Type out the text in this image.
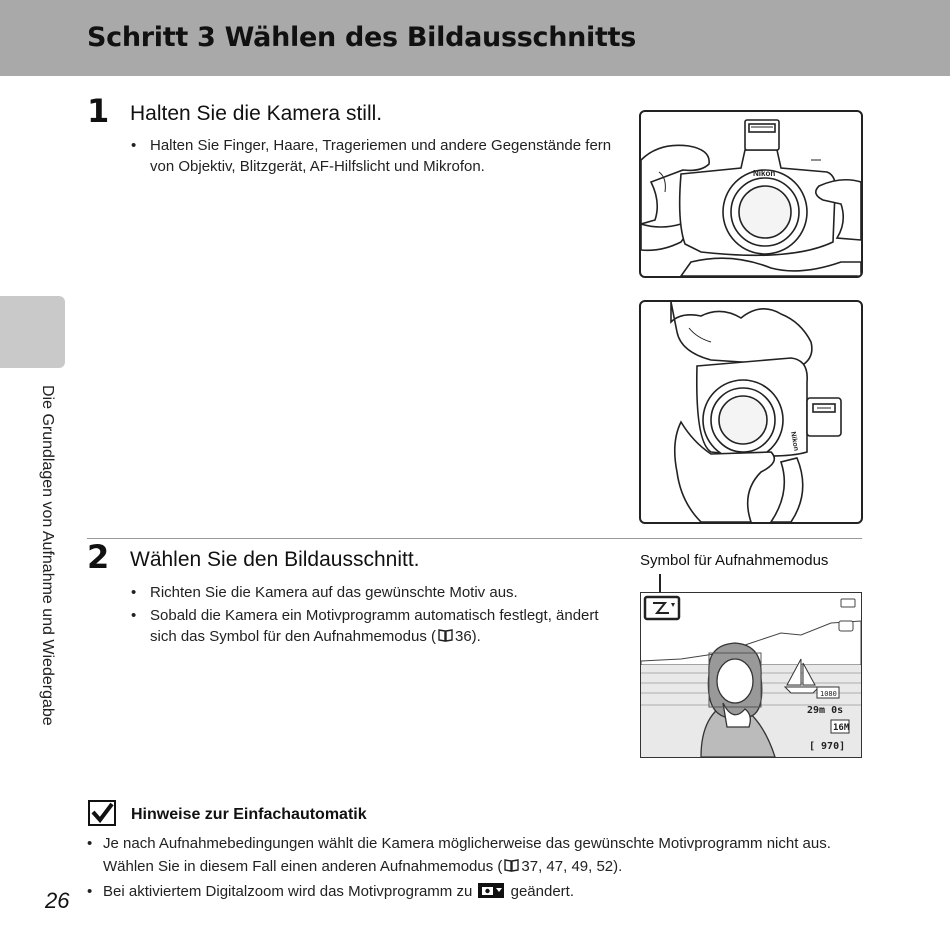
Schritt 3 Wählen des Bildausschnitts
Die Grundlagen von Aufnahme und Wiedergabe
1 Halten Sie die Kamera still.
• Halten Sie Finger, Haare, Trageriemen und andere Gegenstände fern von Objektiv, Blitzgerät, AF-Hilfslicht und Mikrofon.	Nikon
Nikon
2 Wählen Sie den Bildausschnitt.
• Richten Sie die Kamera auf das gewünschte Motiv aus.
• Sobald die Kamera ein Motivprogramm automatisch festlegt, ändert sich das Symbol für den Aufnahmemodus ( 36).
Symbol für Aufnahmemodus
1080
29m 0s
16M
[ 970]
Hinweise zur Einfachautomatik
• Je nach Aufnahmebedingungen wählt die Kamera möglicherweise das gewünschte Motivprogramm nicht aus. Wählen Sie in diesem Fall einen anderen Aufnahmemodus ( 37, 47, 49, 52).
• Bei aktiviertem Digitalzoom wird das Motivprogramm zu	geändert.
26
